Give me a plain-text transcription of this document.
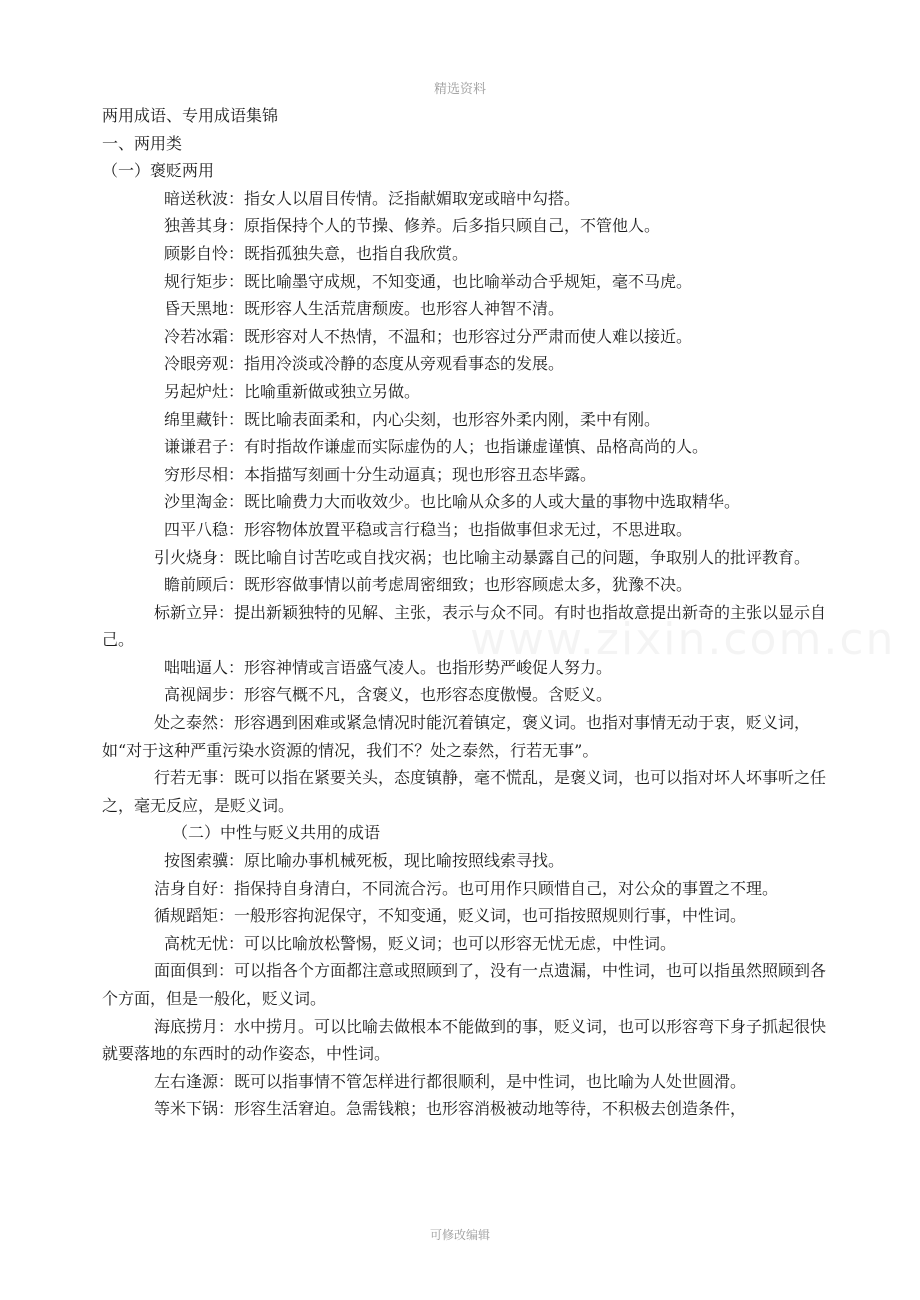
精选资料

两用成语、专用成语集锦

一、两用类

（一）褒贬两用

暗送秋波：指女人以眉目传情。泛指献媚取宠或暗中勾搭。

独善其身：原指保持个人的节操、修养。后多指只顾自己，不管他人。

顾影自怜：既指孤独失意，也指自我欣赏。

规行矩步：既比喻墨守成规，不知变通，也比喻举动合乎规矩，毫不马虎。

昏天黑地：既形容人生活荒唐颓废。也形容人神智不清。

冷若冰霜：既形容对人不热情，不温和；也形容过分严肃而使人难以接近。

冷眼旁观：指用冷淡或冷静的态度从旁观看事态的发展。

另起炉灶：比喻重新做或独立另做。

绵里藏针：既比喻表面柔和，内心尖刻，也形容外柔内刚，柔中有刚。

谦谦君子：有时指故作谦虚而实际虚伪的人；也指谦虚谨慎、品格高尚的人。

穷形尽相：本指描写刻画十分生动逼真；现也形容丑态毕露。

沙里淘金：既比喻费力大而收效少。也比喻从众多的人或大量的事物中选取精华。

四平八稳：形容物体放置平稳或言行稳当；也指做事但求无过，不思进取。

引火烧身：既比喻自讨苦吃或自找灾祸；也比喻主动暴露自己的问题，争取别人的批评教育。

瞻前顾后：既形容做事情以前考虑周密细致；也形容顾虑太多，犹豫不决。

标新立异：提出新颖独特的见解、主张，表示与众不同。有时也指故意提出新奇的主张以显示自己。

咄咄逼人：形容神情或言语盛气凌人。也指形势严峻促人努力。

高视阔步：形容气概不凡，含褒义，也形容态度傲慢。含贬义。

处之泰然：形容遇到困难或紧急情况时能沉着镇定，褒义词。也指对事情无动于衷，贬义词，如“对于这种严重污染水资源的情况，我们不？处之泰然，行若无事”。

行若无事：既可以指在紧要关头，态度镇静，毫不慌乱，是褒义词，也可以指对坏人坏事听之任之，毫无反应，是贬义词。

（二）中性与贬义共用的成语

按图索骥：原比喻办事机械死板，现比喻按照线索寻找。

洁身自好：指保持自身清白，不同流合污。也可用作只顾惜自己，对公众的事置之不理。

循规蹈矩：一般形容拘泥保守，不知变通，贬义词，也可指按照规则行事，中性词。

高枕无忧：可以比喻放松警惕，贬义词；也可以形容无忧无虑，中性词。

面面俱到：可以指各个方面都注意或照顾到了，没有一点遗漏，中性词，也可以指虽然照顾到各个方面，但是一般化，贬义词。

海底捞月：水中捞月。可以比喻去做根本不能做到的事，贬义词，也可以形容弯下身子抓起很快就要落地的东西时的动作姿态，中性词。

左右逢源：既可以指事情不管怎样进行都很顺利，是中性词，也比喻为人处世圆滑。

等米下锅：形容生活窘迫。急需钱粮；也形容消极被动地等待，不积极去创造条件，

可修改编辑
